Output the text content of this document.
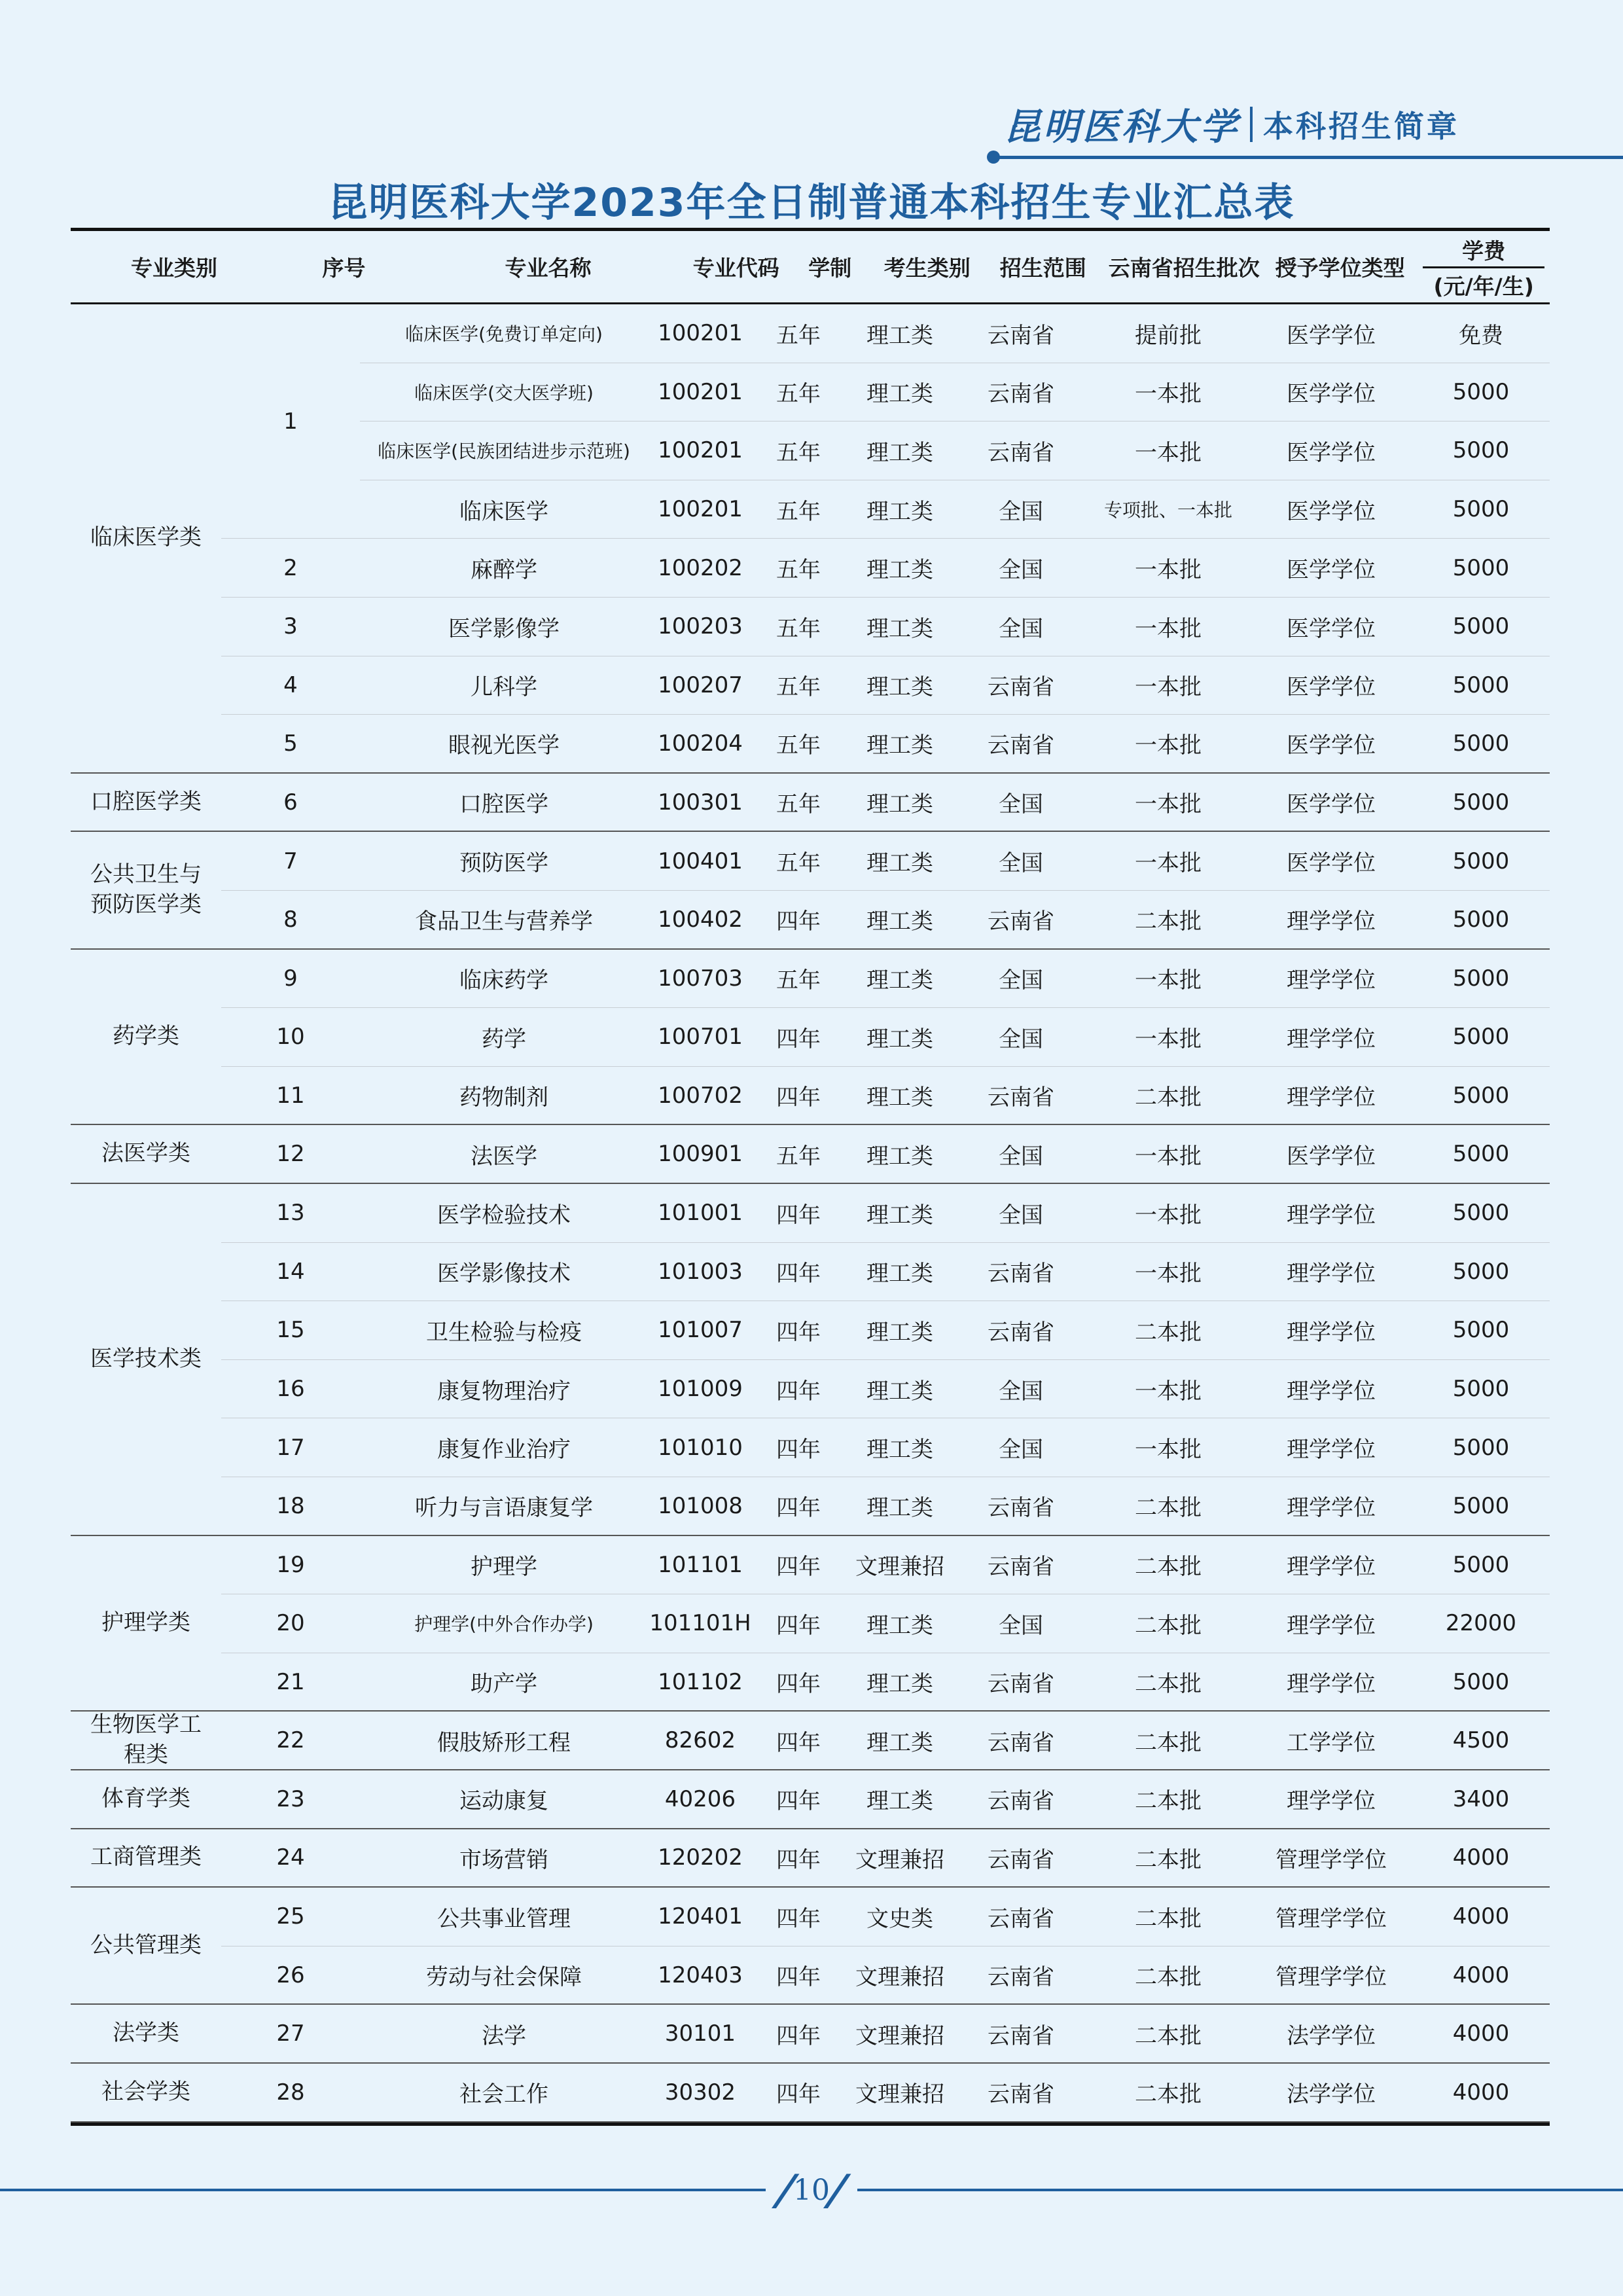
昆明医科大学 本科招生简章
昆明医科大学2023年全日制普通本科招生专业汇总表
专业类别	序号	专业名称	专业代码	学制	考生类别	招生范围	云南省招生批次 授予学位类型
学费
(元/年/生)
临床医学类
1
临床医学(免费订单定向)	100201	五年	理工类	云南省	提前批	医学学位	免费
临床医学(交大医学班)	100201	五年	理工类	云南省	一本批	医学学位	5000
临床医学(民族团结进步示范班)	100201	五年	理工类	云南省	一本批	医学学位	5000
临床医学	100201	五年	理工类	全国	专项批、一本批	医学学位	5000
2	麻醉学	100202	五年	理工类	全国	一本批	医学学位	5000
3	医学影像学	100203	五年	理工类	全国	一本批	医学学位	5000
4	儿科学	100207	五年	理工类	云南省	一本批	医学学位	5000
5	眼视光医学	100204	五年	理工类	云南省	一本批	医学学位	5000
口腔医学类	6	口腔医学	100301	五年	理工类	全国	一本批	医学学位	5000
公共卫生与预防医学类
7	预防医学	100401	五年	理工类	全国	一本批	医学学位	5000
8	食品卫生与营养学	100402	四年	理工类	云南省	二本批	理学学位	5000
药学类
9	临床药学	100703	五年	理工类	全国	一本批	理学学位	5000
10	药学	100701	四年	理工类	全国	一本批	理学学位	5000
11	药物制剂	100702	四年	理工类	云南省	二本批	理学学位	5000
法医学类	12	法医学	100901	五年	理工类	全国	一本批	医学学位	5000
医学技术类
13	医学检验技术	101001	四年	理工类	全国	一本批	理学学位	5000
14	医学影像技术	101003	四年	理工类	云南省	一本批	理学学位	5000
15	卫生检验与检疫	101007	四年	理工类	云南省	二本批	理学学位	5000
16	康复物理治疗	101009	四年	理工类	全国	一本批	理学学位	5000
17	康复作业治疗	101010	四年	理工类	全国	一本批	理学学位	5000
18	听力与言语康复学	101008	四年	理工类	云南省	二本批	理学学位	5000
护理学类
19	护理学	101101	四年	文理兼招	云南省	二本批	理学学位	5000
20	护理学(中外合作办学)	101101H	四年	理工类	全国	二本批	理学学位	22000
21	助产学	101102	四年	理工类	云南省	二本批	理学学位	5000
生物医学工程类
22	假肢矫形工程	82602	四年	理工类	云南省	二本批	工学学位	4500
体育学类	23	运动康复	40206	四年	理工类	云南省	二本批	理学学位	3400
工商管理类	24	市场营销	120202	四年	文理兼招	云南省	二本批	管理学学位	4000
公共管理类
25	公共事业管理	120401	四年	文史类	云南省	二本批	管理学学位	4000
26	劳动与社会保障	120403	四年	文理兼招	云南省	二本批	管理学学位	4000
法学类	27	法学	30101	四年	文理兼招	云南省	二本批	法学学位	4000
社会学类	28	社会工作	30302	四年	文理兼招	云南省	二本批	法学学位	4000
/
10
/
